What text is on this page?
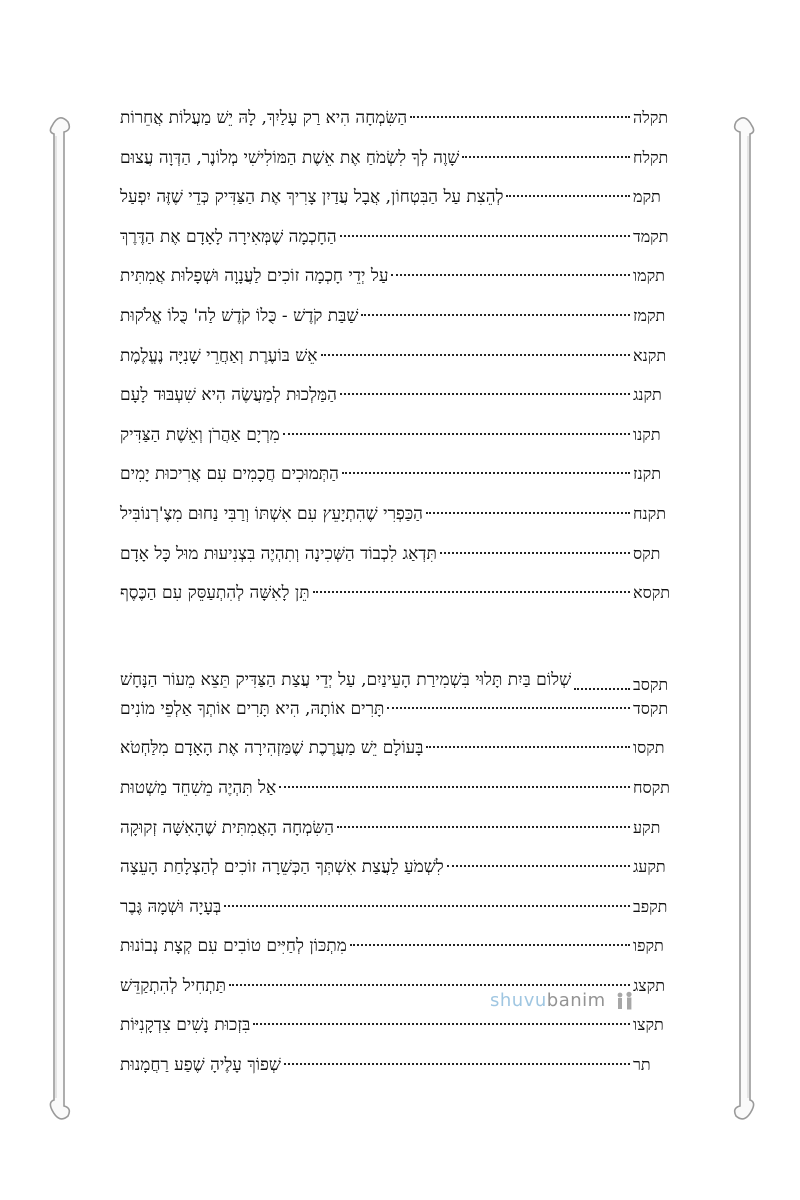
הַשִּׂמְחָה הִיא רַק עָלַיִךְ, לָהּ יֵשׁ מַעֲלוֹת אֲחֵרוֹת	תקלה
שָׁוֶה לְךָ לִשְׂמֹחַ אֶת אֵשֶׁת הַמּוֹלִישִׁי מְלוֹנֶר, הַדְּוָה עֲצוּם	תקלח
לְהֵצִת עַל הַבִּטְחוֹן, אֲבָל עֲדַיִן צָרִיךְ אֶת הַצַּדִּיק כְּדֵי שֶׁזֶּה יִפְעַל	תקמ
הַחָכְמָה שֶׁמְּאִירָה לָאָדָם אֶת הַדֶּרֶךְ	תקמד
עַל יְדֵי חָכְמָה זוֹכִים לַעֲנָוָה וּשְׁפָלוּת אֲמִתִּית	תקמו
שַׁבַּת קֹדֶשׁ - כֻּלוֹ קֹדֶשׁ לַה' כֻּלוֹ אֱלֹקוּת	תקמז
אֵשׁ בּוֹעֶרֶת וְאַחֲרֵי שָׁנִיָּה נֶעֱלֶמֶת	תקנא
הַמַּלְכוּת לְמַעֲשֶׂה הִיא שִׁעְבּוּד לָעָם	תקנג
מִרְיָם אַהֲרֹן וְאֵשֶׁת הַצַּדִּיק	תקנו
הַתְּמוּכִים חֲכָמִים עִם אֲרִיכוּת יָמִים	תקנז
הַכַּפְרִי שֶׁהִתְיָעֵץ עִם אִשְׁתּוֹ וְרַבִּי נַחוּם מִצֶ'רְנוֹבִּיל	תקנח
תִּדְאַג לִכְבוֹד הַשְּׁכִינָה וְתִהְיֶה בִּצְנִיעוּת מוּל כָּל אָדָם	תקס
תֵּן לָאִשָּׁה לְהִתְעַסֵּק עִם הַכֶּסֶף	תקסא
שְׁלוֹם בַּיִת תָּלוּי בִּשְׁמִירַת הָעֵינַיִם, עַל יְדֵי עֲצַת הַצַּדִּיק תֵּצֵא מֵעוֹר הַנָּחָשׁ	תקסב
תָּרִים אוֹתָהּ, הִיא תָּרִים אוֹתְךָ אַלְפֵי מוֹנִים	תקסד
בָּעוֹלָם יֵשׁ מַעֲרֶכֶת שֶׁמַּזְהִירָה אֶת הָאָדָם מִלַּחְטֹא	תקסו
אַל תִּהְיֶה מֵשִׁחֵד מַשְׁטוּת	תקסח
הַשִּׂמְחָה הָאֲמִתִּית שֶׁהָאִשָּׁה זְקוּקָה	תקע
לִשְׁמֹעַ לַעֲצַת אִשְׁתְּךָ הַכְּשֵׁרָה זוֹכִים לְהַצְלָחַת הָעֵצָה	תקעג
בְּעָיָה וּשְׁמָהּ גֶּבֶר	תקפב
מִתְכּוֹן לְחַיִּים טוֹבִים עִם קְצָת נְבוֹנוּת	תקפו
תַּתְחִיל לְהִתְקַדֵּשׁ	תקצג
בִּזְכוּת נָשִׁים צִדְקָנִיּוֹת	תקצו
שְׁפוֹךְ עָלֶיהָ שֶׁפַע רַחֲמָנוּת	תר
shuvubanim
